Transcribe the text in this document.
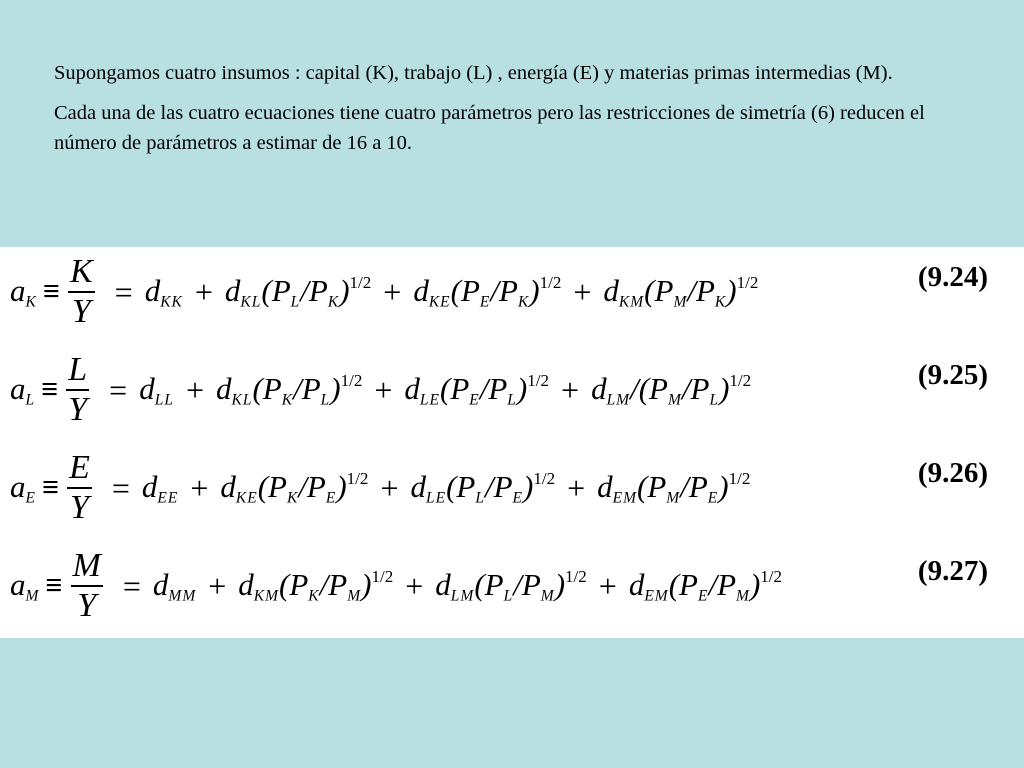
Supongamos cuatro insumos : capital (K), trabajo (L) , energía (E) y materias primas intermedias (M).

Cada una de las cuatro ecuaciones tiene cuatro parámetros pero las restricciones de simetría (6) reducen el número de parámetros a estimar de 16 a 10.

$a_K \equiv \frac{K}{Y} = d_{KK} + d_{KL}(P_L/P_K)^{1/2} + d_{KE}(P_E/P_K)^{1/2} + d_{KM}(P_M/P_K)^{1/2}$	(9.24)
$a_L \equiv \frac{L}{Y} = d_{LL} + d_{KL}(P_K/P_L)^{1/2} + d_{LE}(P_E/P_L)^{1/2} + d_{LM}/(P_M/P_L)^{1/2}$	(9.25)
$a_E \equiv \frac{E}{Y} = d_{EE} + d_{KE}(P_K/P_E)^{1/2} + d_{LE}(P_L/P_E)^{1/2} + d_{EM}(P_M/P_E)^{1/2}$	(9.26)
$a_M \equiv \frac{M}{Y} = d_{MM} + d_{KM}(P_K/P_M)^{1/2} + d_{LM}(P_L/P_M)^{1/2} + d_{EM}(P_E/P_M)^{1/2}$	(9.27)
